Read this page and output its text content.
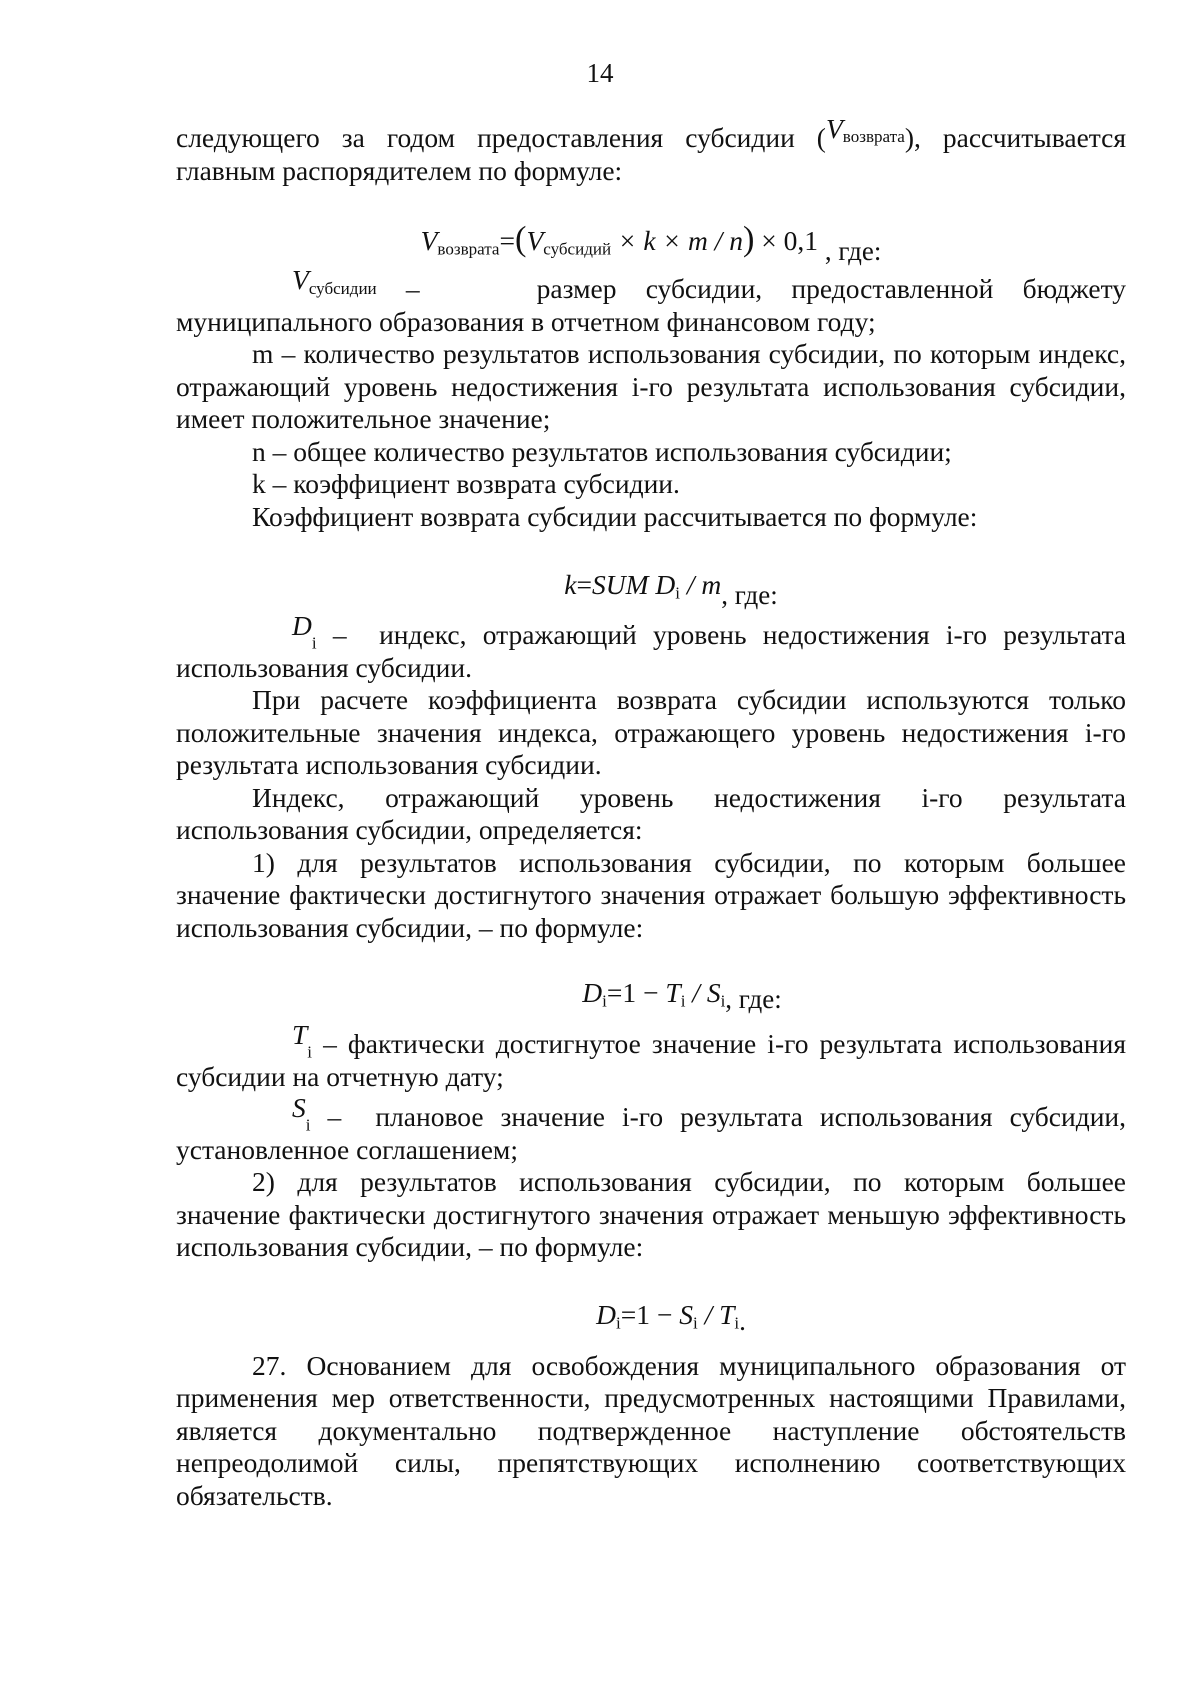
14

следующего за годом предоставления субсидии $(V_{возврата})$, рассчитывается

главным распорядителем по формуле:

$V_{возврата}=(V_{субсидий} \times k \times m / n) \times 0,1$ , где:

$V_{субсидии}$ –	размер субсидии, предоставленной бюджету

муниципального образования в отчетном финансовом году;

m – количество результатов использования субсидии, по которым индекс, отражающий уровень недостижения i-го результата использования субсидии, имеет положительное значение;

n – общее количество результатов использования субсидии;

k – коэффициент возврата субсидии.

Коэффициент возврата субсидии рассчитывается по формуле:

k=SUM $D_i$ / m, где:

$D_i$ –  индекс, отражающий уровень недостижения i-го результата

использования субсидии.

При расчете коэффициента возврата субсидии используются только положительные значения индекса, отражающего уровень недостижения i-го результата использования субсидии.

Индекс, отражающий уровень недостижения i-го результата

использования субсидии, определяется:

1) для результатов использования субсидии, по которым большее значение фактически достигнутого значения отражает большую эффективность использования субсидии, – по формуле:

$D_i=1 - T_i / S_i$, где:

$T_i$ – фактически достигнутое значение i-го результата использования

субсидии на отчетную дату;

$S_i$ –  плановое значение i-го результата использования субсидии,

установленное соглашением;

2) для результатов использования субсидии, по которым большее значение фактически достигнутого значения отражает меньшую эффективность использования субсидии, – по формуле:

$D_i=1 - S_i / T_i$.

27. Основанием для освобождения муниципального образования от применения мер ответственности, предусмотренных настоящими Правилами, является документально подтвержденное наступление обстоятельств непреодолимой силы, препятствующих исполнению соответствующих обязательств.
